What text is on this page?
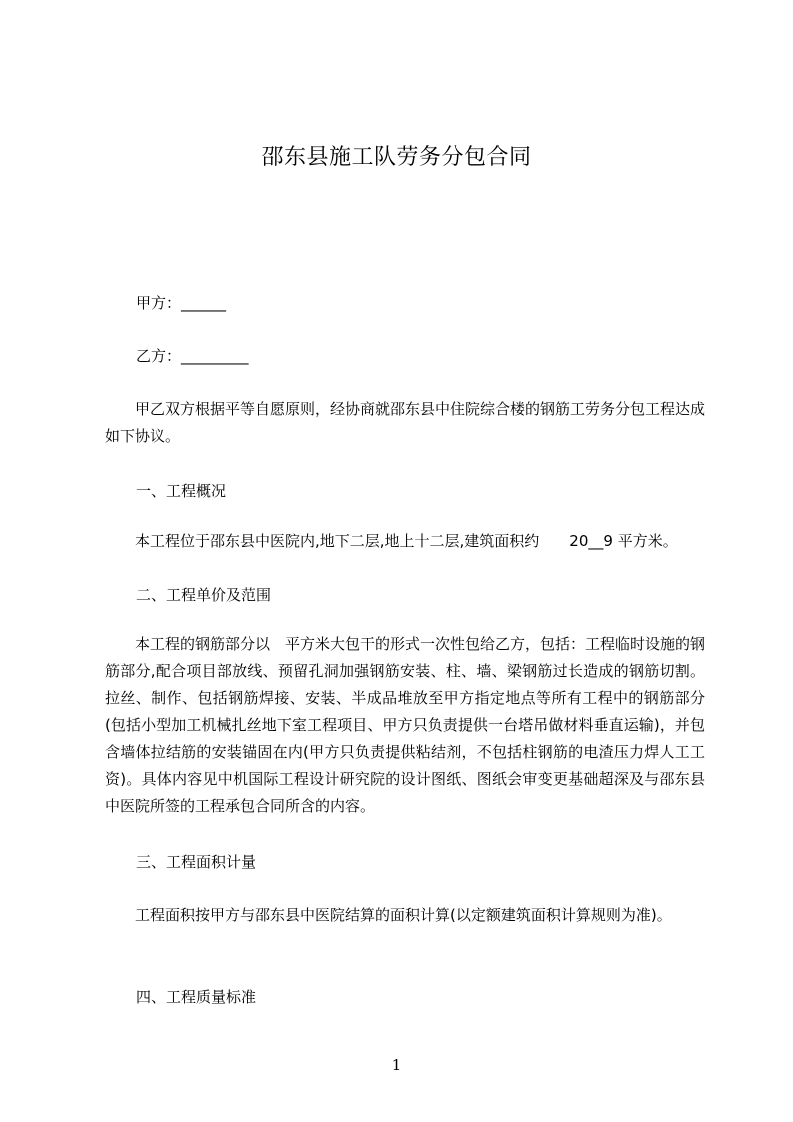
邵东县施工队劳务分包合同
甲方：______
乙方：_________
甲乙双方根据平等自愿原则，经协商就邵东县中住院综合楼的钢筋工劳务分包工程达成如下协议。
一、工程概况
本工程位于邵东县中医院内,地下二层,地上十二层,建筑面积约　　20__9 平方米。
二、工程单价及范围
本工程的钢筋部分以　平方米大包干的形式一次性包给乙方，包括：工程临时设施的钢筋部分,配合项目部放线、预留孔洞加强钢筋安装、柱、墙、梁钢筋过长造成的钢筋切割。拉丝、制作、包括钢筋焊接、安装、半成品堆放至甲方指定地点等所有工程中的钢筋部分(包括小型加工机械扎丝地下室工程项目、甲方只负责提供一台塔吊做材料垂直运输)，并包含墙体拉结筋的安装锚固在内(甲方只负责提供粘结剂，不包括柱钢筋的电渣压力焊人工工资)。具体内容见中机国际工程设计研究院的设计图纸、图纸会审变更基础超深及与邵东县中医院所签的工程承包合同所含的内容。
三、工程面积计量
工程面积按甲方与邵东县中医院结算的面积计算(以定额建筑面积计算规则为准)。
四、工程质量标准
1
